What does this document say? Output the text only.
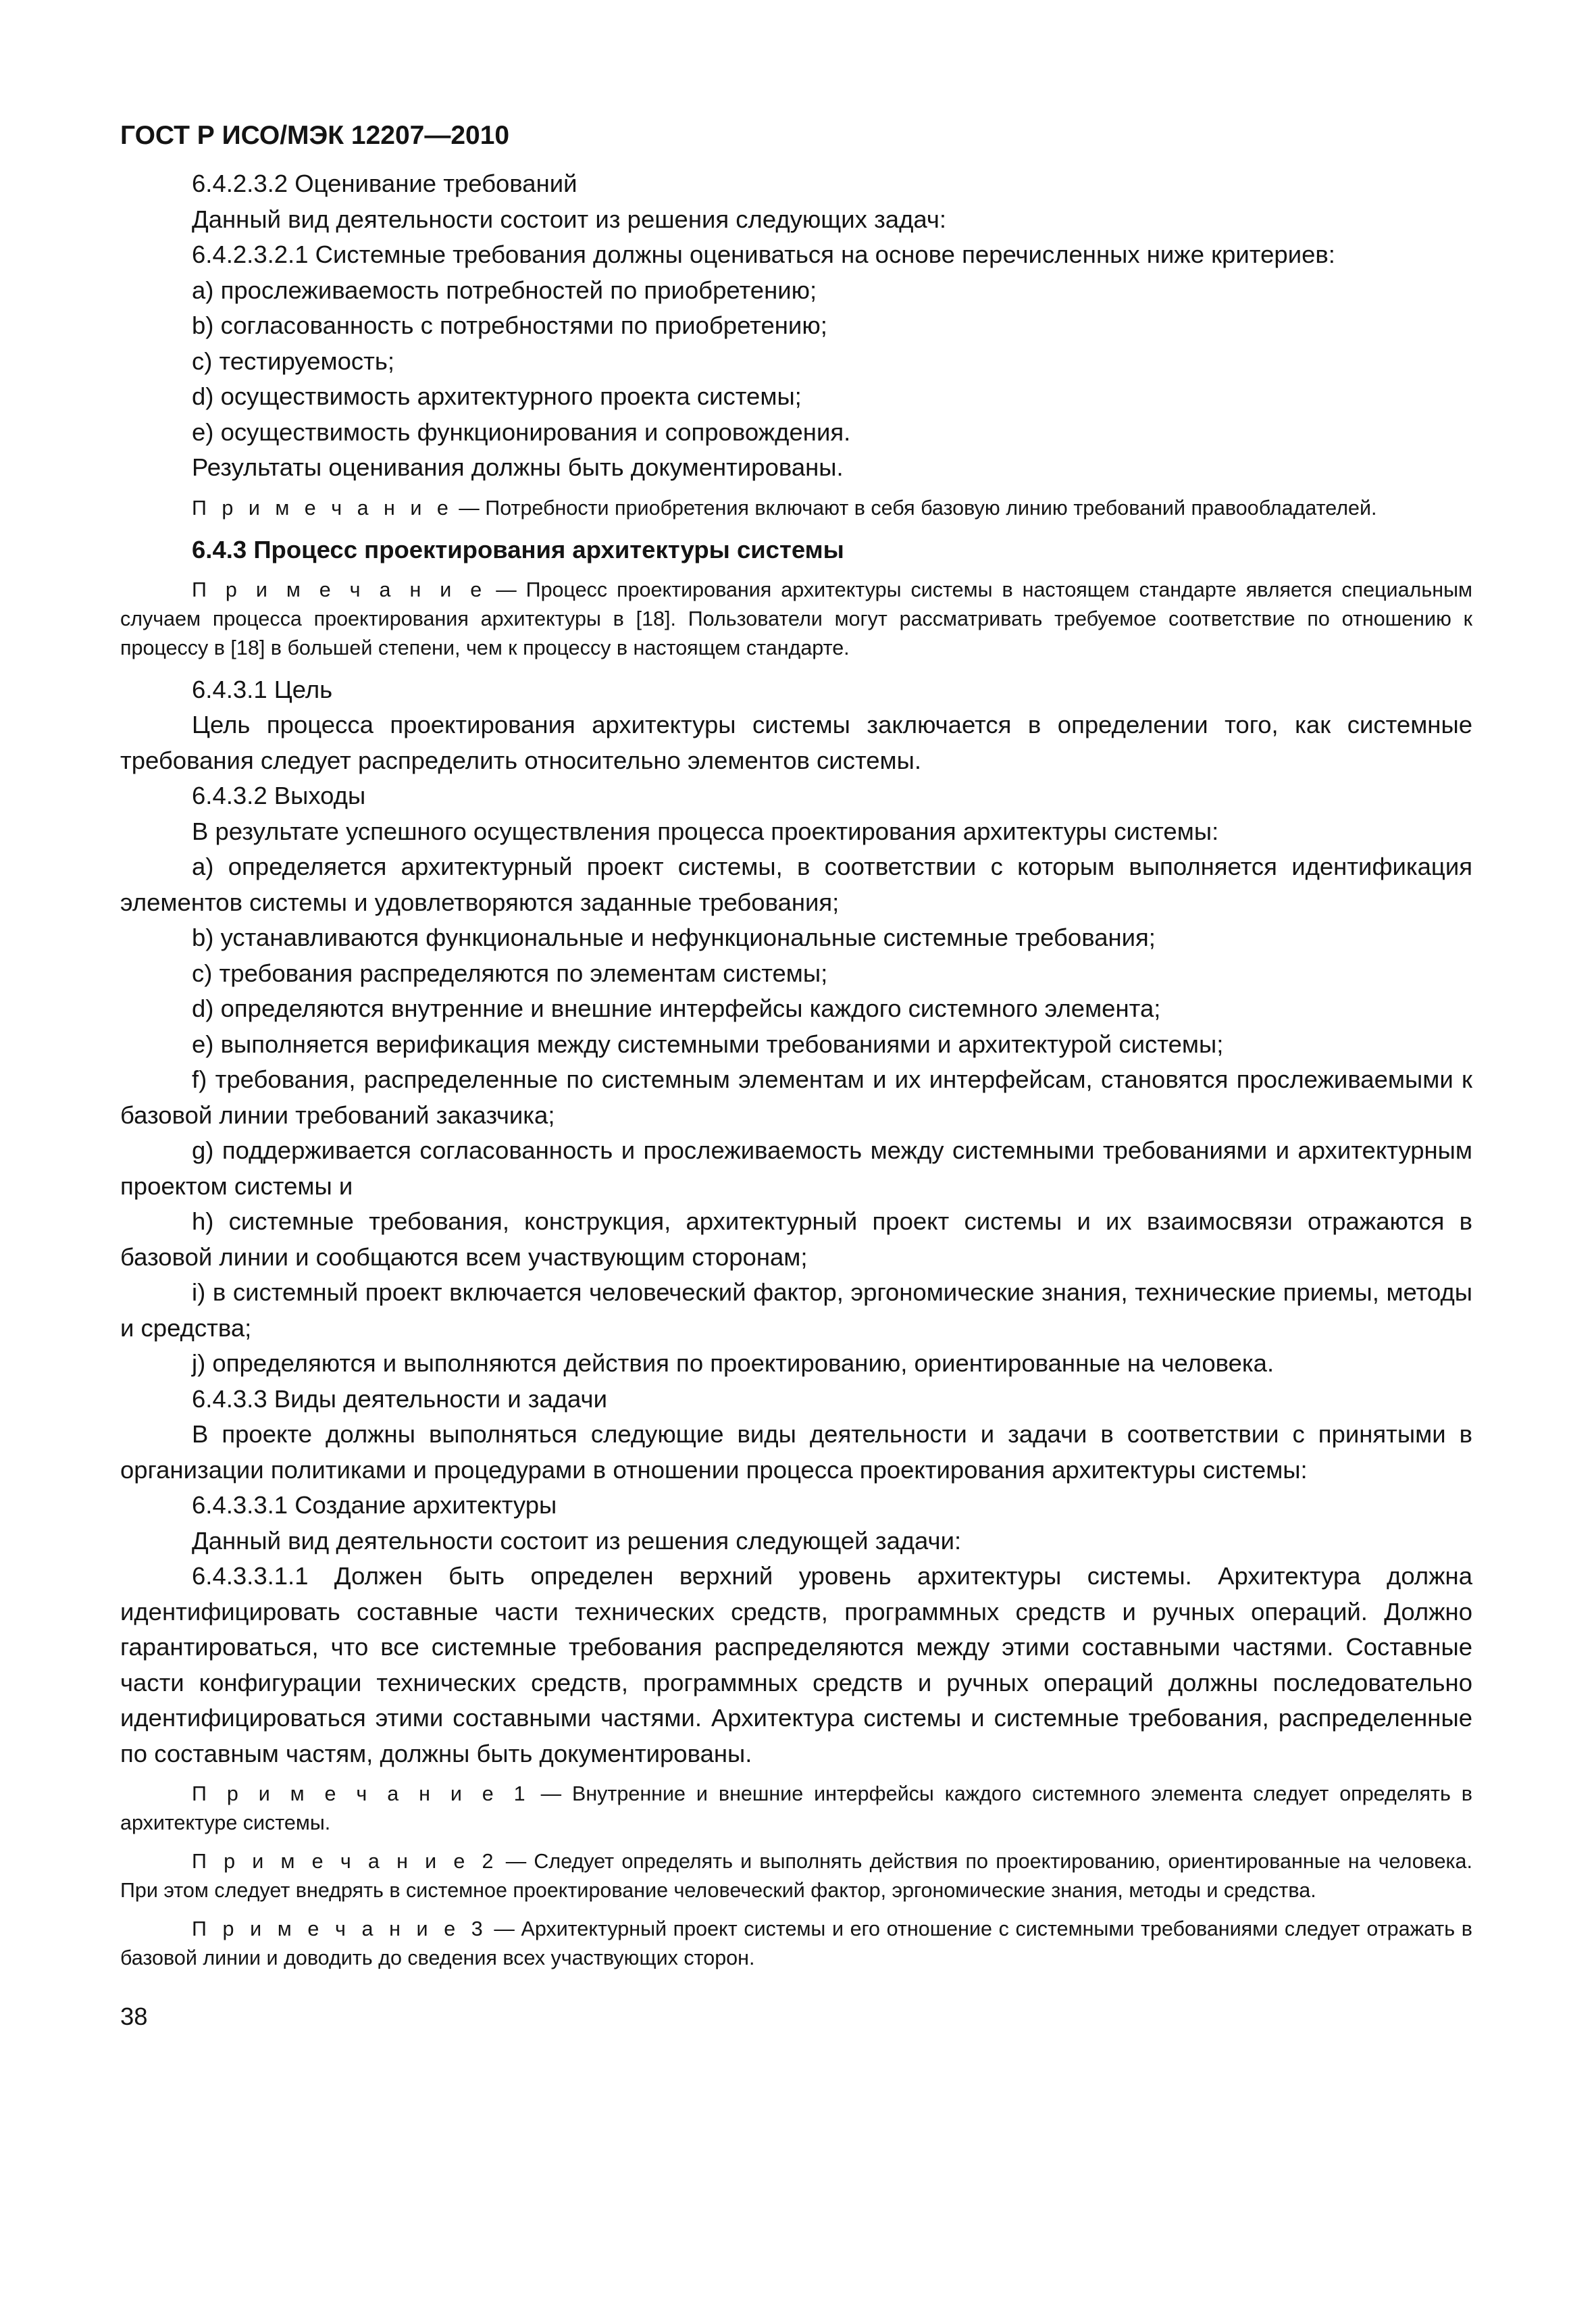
ГОСТ Р ИСО/МЭК 12207—2010

6.4.2.3.2 Оценивание требований

Данный вид деятельности состоит из решения следующих задач:

6.4.2.3.2.1 Системные требования должны оцениваться на основе перечисленных ниже критериев:

a) прослеживаемость потребностей по приобретению;

b) согласованность с потребностями по приобретению;

c) тестируемость;

d) осуществимость архитектурного проекта системы;

e) осуществимость функционирования и сопровождения.

Результаты оценивания должны быть документированы.

П р и м е ч а н и е — Потребности приобретения включают в себя базовую линию требований правообладателей.

6.4.3 Процесс проектирования архитектуры системы

П р и м е ч а н и е — Процесс проектирования архитектуры системы в настоящем стандарте является специальным случаем процесса проектирования архитектуры в [18]. Пользователи могут рассматривать требуемое соответствие по отношению к процессу в [18] в большей степени, чем к процессу в настоящем стандарте.

6.4.3.1 Цель

Цель процесса проектирования архитектуры системы заключается в определении того, как системные требования следует распределить относительно элементов системы.

6.4.3.2 Выходы

В результате успешного осуществления процесса проектирования архитектуры системы:

a) определяется архитектурный проект системы, в соответствии с которым выполняется идентификация элементов системы и удовлетворяются заданные требования;

b) устанавливаются функциональные и нефункциональные системные требования;

c) требования распределяются по элементам системы;

d) определяются внутренние и внешние интерфейсы каждого системного элемента;

e) выполняется верификация между системными требованиями и архитектурой системы;

f) требования, распределенные по системным элементам и их интерфейсам, становятся прослеживаемыми к базовой линии требований заказчика;

g) поддерживается согласованность и прослеживаемость между системными требованиями и архитектурным проектом системы и

h) системные требования, конструкция, архитектурный проект системы и их взаимосвязи отражаются в базовой линии и сообщаются всем участвующим сторонам;

i) в системный проект включается человеческий фактор, эргономические знания, технические приемы, методы и средства;

j) определяются и выполняются действия по проектированию, ориентированные на человека.

6.4.3.3 Виды деятельности и задачи

В проекте должны выполняться следующие виды деятельности и задачи в соответствии с принятыми в организации политиками и процедурами в отношении процесса проектирования архитектуры системы:

6.4.3.3.1 Создание архитектуры

Данный вид деятельности состоит из решения следующей задачи:

6.4.3.3.1.1 Должен быть определен верхний уровень архитектуры системы. Архитектура должна идентифицировать составные части технических средств, программных средств и ручных операций. Должно гарантироваться, что все системные требования распределяются между этими составными частями. Составные части конфигурации технических средств, программных средств и ручных операций должны последовательно идентифицироваться этими составными частями. Архитектура системы и системные требования, распределенные по составным частям, должны быть документированы.

П р и м е ч а н и е 1 — Внутренние и внешние интерфейсы каждого системного элемента следует определять в архитектуре системы.

П р и м е ч а н и е 2 — Следует определять и выполнять действия по проектированию, ориентированные на человека. При этом следует внедрять в системное проектирование человеческий фактор, эргономические знания, методы и средства.

П р и м е ч а н и е 3 — Архитектурный проект системы и его отношение с системными требованиями следует отражать в базовой линии и доводить до сведения всех участвующих сторон.

38
